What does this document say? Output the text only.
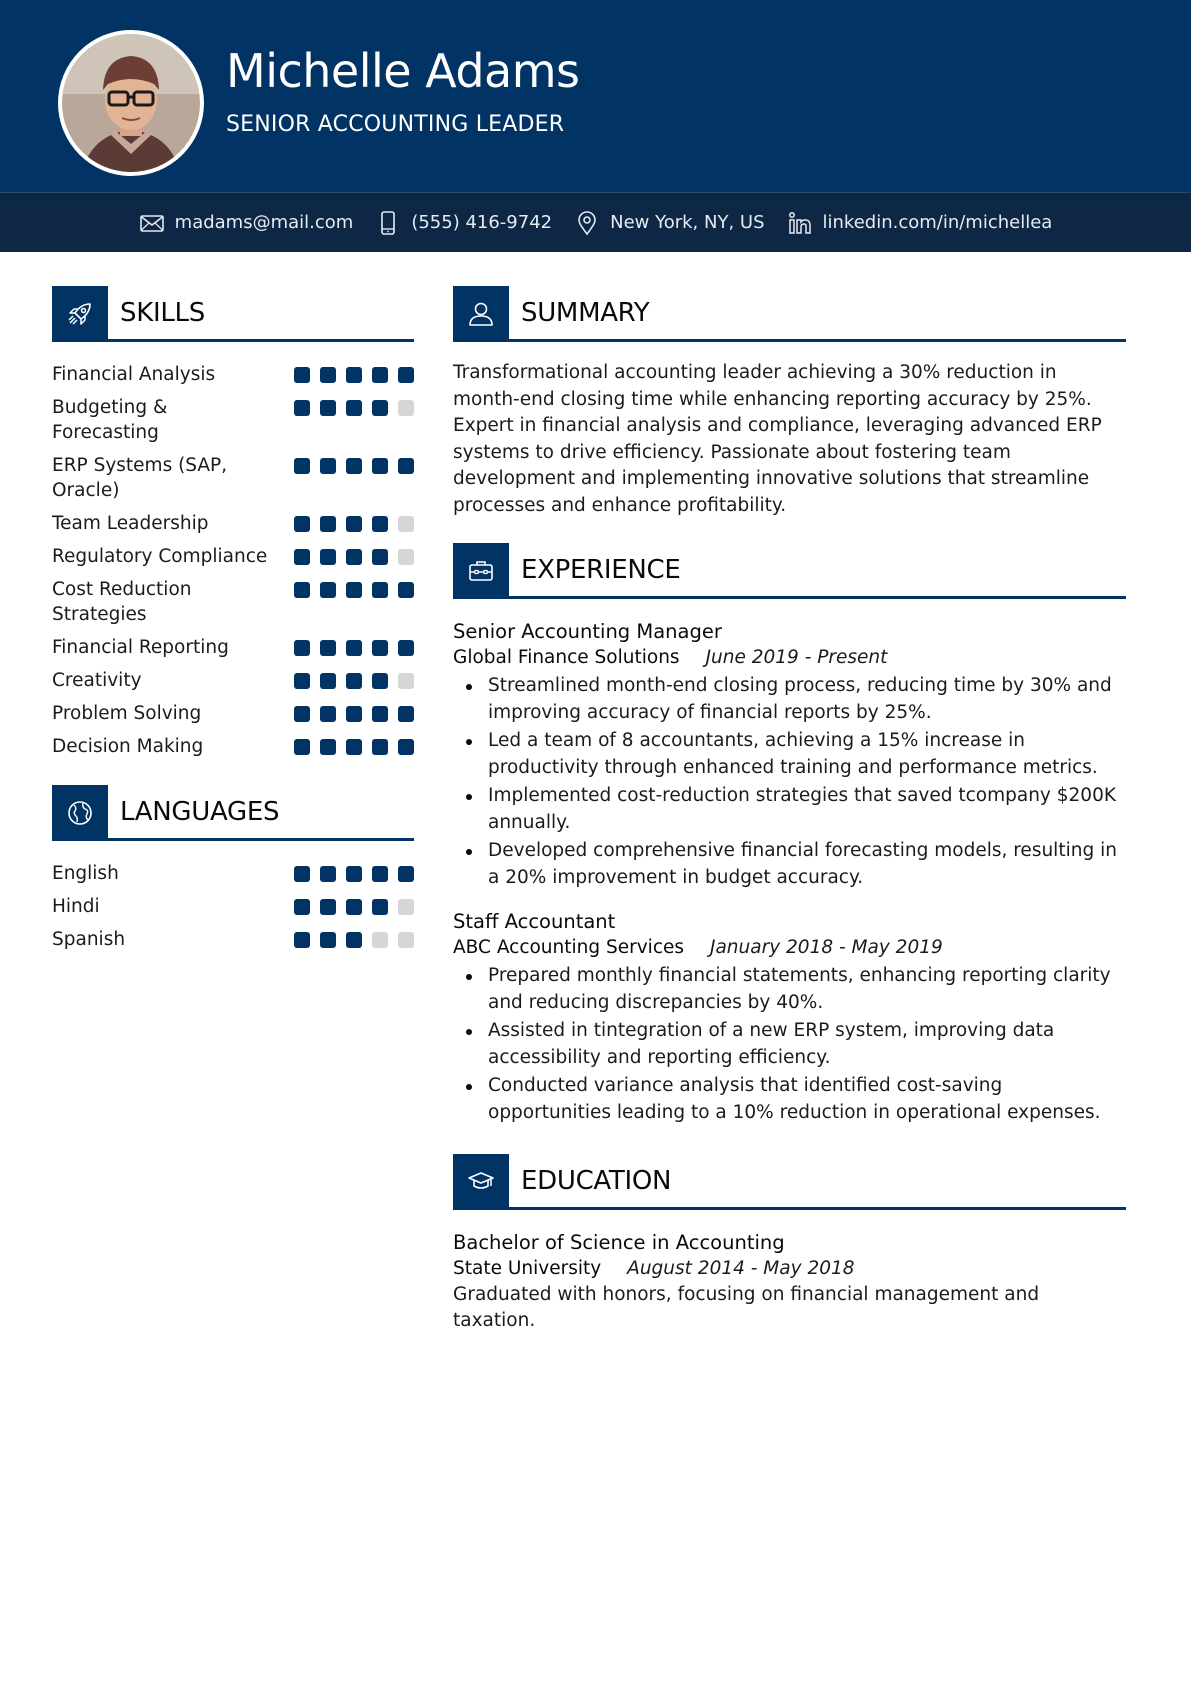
Michelle Adams
SENIOR ACCOUNTING LEADER
madams@mail.com	(555) 416-9742	New York, NY, US	linkedin.com/in/michellea
SKILLS
Financial Analysis
Budgeting & Forecasting
ERP Systems (SAP, Oracle)
Team Leadership
Regulatory Compliance
Cost Reduction Strategies
Financial Reporting
Creativity
Problem Solving
Decision Making
LANGUAGES
English
Hindi
Spanish
SUMMARY

Transformational accounting leader achieving a 30% reduction in month-end closing time while enhancing reporting accuracy by 25%. Expert in financial analysis and compliance, leveraging advanced ERP systems to drive efficiency. Passionate about fostering team development and implementing innovative solutions that streamline processes and enhance profitability.

EXPERIENCE
Senior Accounting Manager
Global Finance Solutions June 2019 - Present
Streamlined month-end closing process, reducing time by 30% and improving accuracy of financial reports by 25%.
Led a team of 8 accountants, achieving a 15% increase in productivity through enhanced training and performance metrics.
Implemented cost-reduction strategies that saved tcompany $200K annually.
Developed comprehensive financial forecasting models, resulting in a 20% improvement in budget accuracy.
Staff Accountant
ABC Accounting Services January 2018 - May 2019
Prepared monthly financial statements, enhancing reporting clarity and reducing discrepancies by 40%.
Assisted in tintegration of a new ERP system, improving data accessibility and reporting efficiency.
Conducted variance analysis that identified cost-saving opportunities leading to a 10% reduction in operational expenses.
EDUCATION
Bachelor of Science in Accounting
State University August 2014 - May 2018
Graduated with honors, focusing on financial management and taxation.
